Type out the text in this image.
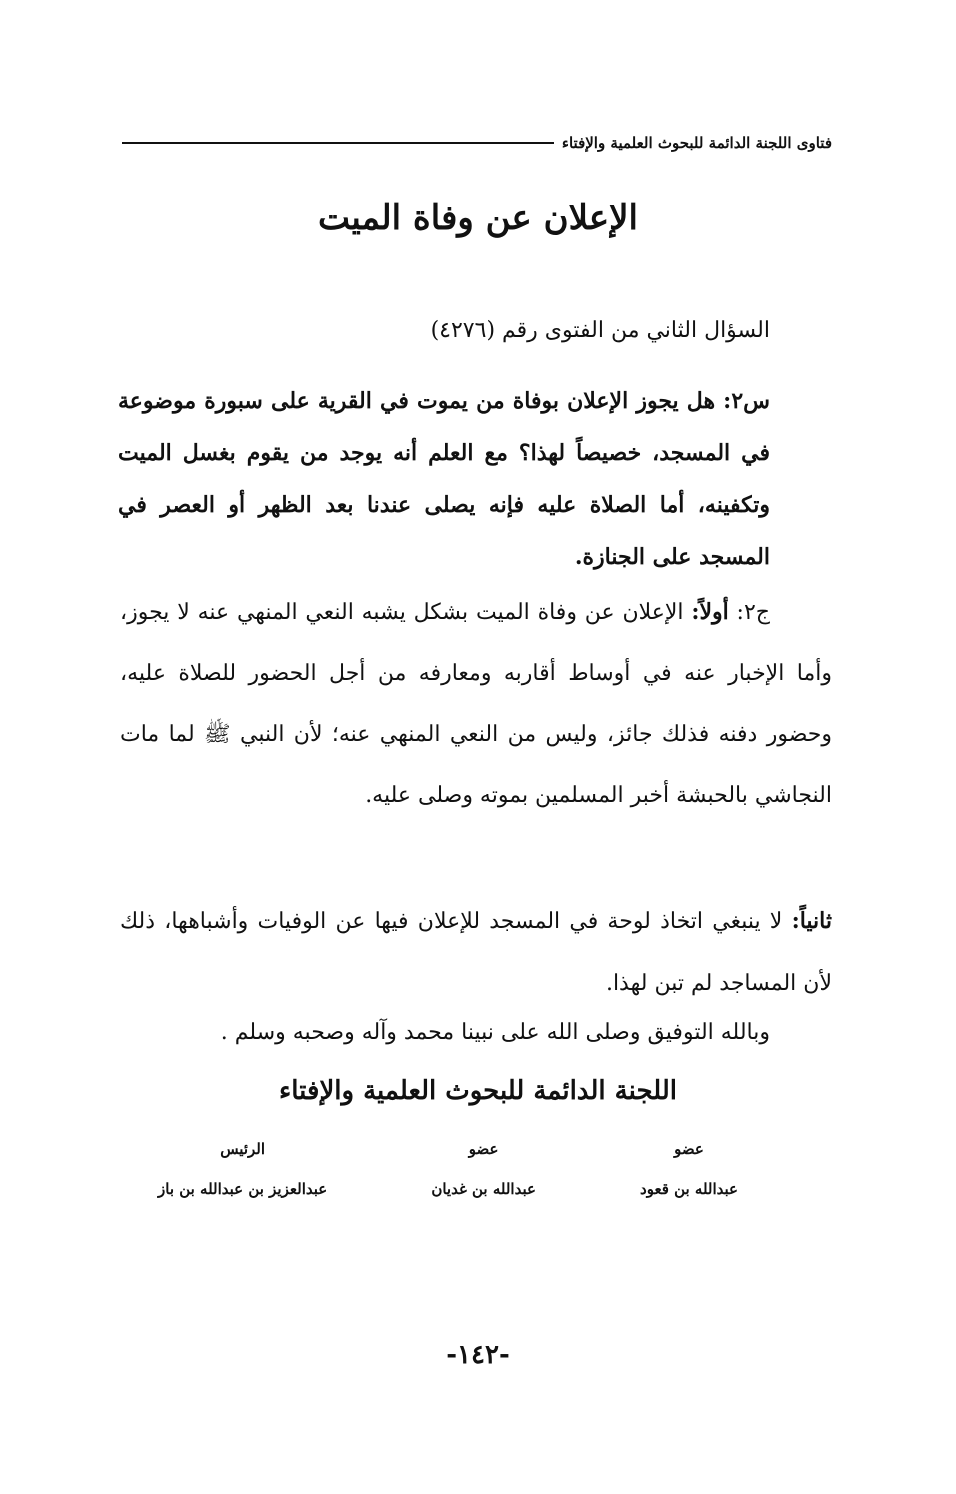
فتاوى اللجنة الدائمة للبحوث العلمية والإفتاء
الإعلان عن وفاة الميت
السؤال الثاني من الفتوى رقم (٤٢٧٦)
س٢: هل يجوز الإعلان بوفاة من يموت في القرية على سبورة موضوعة في المسجد، خصيصاً لهذا؟ مع العلم أنه يوجد من يقوم بغسل الميت وتكفينه، أما الصلاة عليه فإنه يصلى عندنا بعد الظهر أو العصر في المسجد على الجنازة.
ج٢: أولاً: الإعلان عن وفاة الميت بشكل يشبه النعي المنهي عنه لا يجوز، وأما الإخبار عنه في أوساط أقاربه ومعارفه من أجل الحضور للصلاة عليه، وحضور دفنه فذلك جائز، وليس من النعي المنهي عنه؛ لأن النبي ﷺ لما مات النجاشي بالحبشة أخبر المسلمين بموته وصلى عليه.
ثانياً: لا ينبغي اتخاذ لوحة في المسجد للإعلان فيها عن الوفيات وأشباهها، ذلك لأن المساجد لم تبن لهذا.
وبالله التوفيق وصلى الله على نبينا محمد وآله وصحبه وسلم .
اللجنة الدائمة للبحوث العلمية والإفتاء
عضو
عبدالله بن قعود
عضو
عبدالله بن غديان
الرئيس
عبدالعزيز بن عبدالله بن باز
-١٤٢-
